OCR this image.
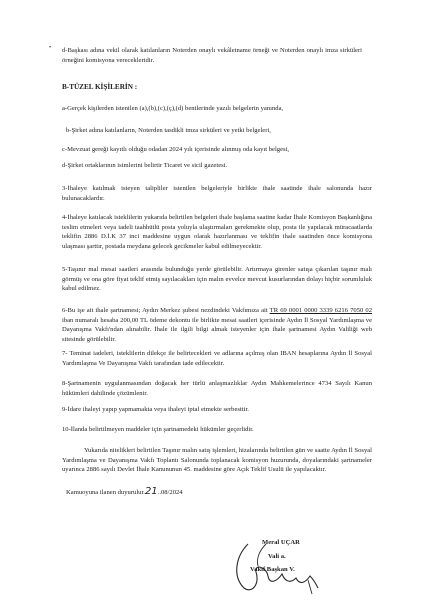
• d-Başkası adına vekil olarak katılanların Noterden onaylı vekâletname örneği ve Noterden onaylı imza sirküleri örneğini komisyona verecekleridir.
B-TÜZEL KİŞİLERİN :
a-Gerçek kişilerden istenilen (a),(b),(c),(ç),(d) bentlerinde yazılı belgelerin yanında,
b-Şirket adına katılanların, Noterden tasdikli imza sirküleri ve yetki belgeleri,
c-Mevzuat gereği kayıtlı olduğu odadan 2024 yılı içerisinde alınmış oda kayıt belgesi,
d-Şirket ortaklarının isimlerini belirtir Ticaret ve sicil gazetesi.
3-İhaleye katılmak isteyen talipliler istenilen belgeleriyle birlikte ihale saatinde ihale salonunda hazır bulunacaklardır.
4-İhaleye katılacak isteklilerin yukarıda belirtilen belgeleri ihale başlama saatine kadar İhale Komisyon Başkanlığına teslim etmeleri veya iadeli taahhütlü posta yoluyla ulaştırmaları gerekmekte olup, posta ile yapılacak müracaatlarda teklifin 2886 D.İ.K 37 inci maddesine uygun olarak hazırlanması ve teklifin ihale saatinden önce komisyona ulaşması şarttır, postada meydana gelecek gecikmeler kabul edilmeyecektir.
5-Taşınır mal mesai saatleri arasında bulunduğu yerde görülebilir. Artırmaya girenler satışa çıkarılan taşınır malı görmüş ve ona göre fiyat teklif etmiş sayılacakları için malın evvelce mevcut kusurlarından dolayı hiçbir sorumluluk kabul edilmez.
6-Bu işe ait ihale şartnamesi; Aydın Merkez şubesi nezdindeki Vakfımıza ait TR 69 0001 0000 3339 6216 7050 02 iban numaralı hesaba 200,00 TL ödeme dekontu ile birlikte mesai saatleri içerisinde Aydın İl Sosyal Yardımlaşma ve Dayanışma Vakfı'ndan alınabilir. İhale ile ilgili bilgi almak isteyenler için ihale şartnamesi Aydın Valiliği web sitesinde görülebilir.
7- Teminat iadeleri, isteklilerin dilekçe ile belirtecekleri ve adlarına açılmış olan IBAN hesaplarına Aydın İl Sosyal Yardımlaşma Ve Dayanışma Vakfı tarafından iade edilecektir.
8-Şartnamenin uygulanmasından doğacak her türlü anlaşmazlıklar Aydın Mahkemelerince 4734 Sayılı Kanun hükümleri dahilinde çözümlenir.
9-İdare ihaleyi yapıp yapmamakta veya ihaleyi iptal etmekte serbesttir.
10-İlanda belirtilmeyen maddeler için şartnamedeki hükümler geçerlidir.
Yukarıda nitelikleri belirtilen Taşınır malın satış işlemleri, hizalarında belirtilen gün ve saatte Aydın İl Sosyal Yardımlaşma ve Dayanışma Vakfı Toplantı Salonunda toplanacak komisyon huzurunda, doyalarındaki şartnameler uyarınca 2886 sayılı Devlet İhale Kanununun 45. maddesine göre Açık Teklif Usulü ile yapılacaktır.
Kamuoyuna ilanen duyurulur.21..08/2024
Meral UÇAR
Vali a.
Vakıf Başkan V.
